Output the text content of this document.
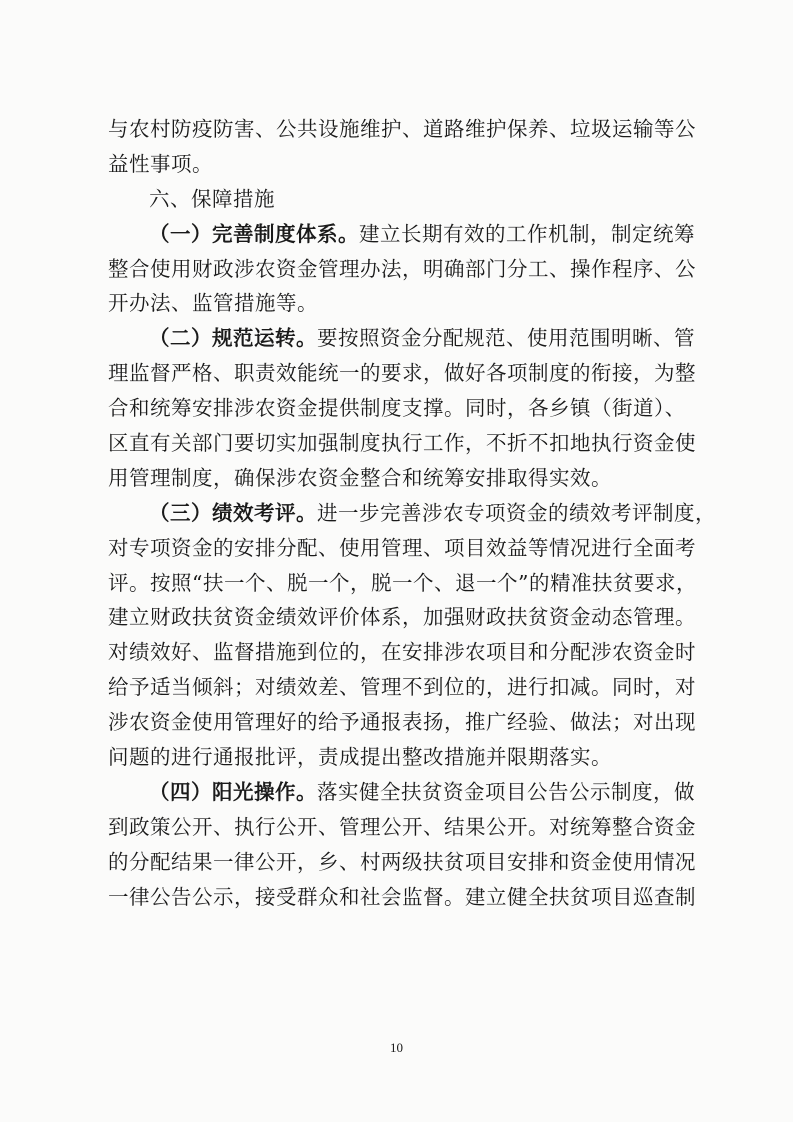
与农村防疫防害、公共设施维护、道路维护保养、垃圾运输等公
益性事项。
六、保障措施
（一）完善制度体系。建立长期有效的工作机制，制定统筹
整合使用财政涉农资金管理办法，明确部门分工、操作程序、公
开办法、监管措施等。
（二）规范运转。要按照资金分配规范、使用范围明晰、管
理监督严格、职责效能统一的要求，做好各项制度的衔接，为整
合和统筹安排涉农资金提供制度支撑。同时，各乡镇（街道）、
区直有关部门要切实加强制度执行工作，不折不扣地执行资金使
用管理制度，确保涉农资金整合和统筹安排取得实效。
（三）绩效考评。进一步完善涉农专项资金的绩效考评制度，
对专项资金的安排分配、使用管理、项目效益等情况进行全面考
评。按照“扶一个、脱一个，脱一个、退一个”的精准扶贫要求，
建立财政扶贫资金绩效评价体系，加强财政扶贫资金动态管理。
对绩效好、监督措施到位的，在安排涉农项目和分配涉农资金时
给予适当倾斜；对绩效差、管理不到位的，进行扣减。同时，对
涉农资金使用管理好的给予通报表扬，推广经验、做法；对出现
问题的进行通报批评，责成提出整改措施并限期落实。
（四）阳光操作。落实健全扶贫资金项目公告公示制度，做
到政策公开、执行公开、管理公开、结果公开。对统筹整合资金
的分配结果一律公开，乡、村两级扶贫项目安排和资金使用情况
一律公告公示，接受群众和社会监督。建立健全扶贫项目巡查制
10
